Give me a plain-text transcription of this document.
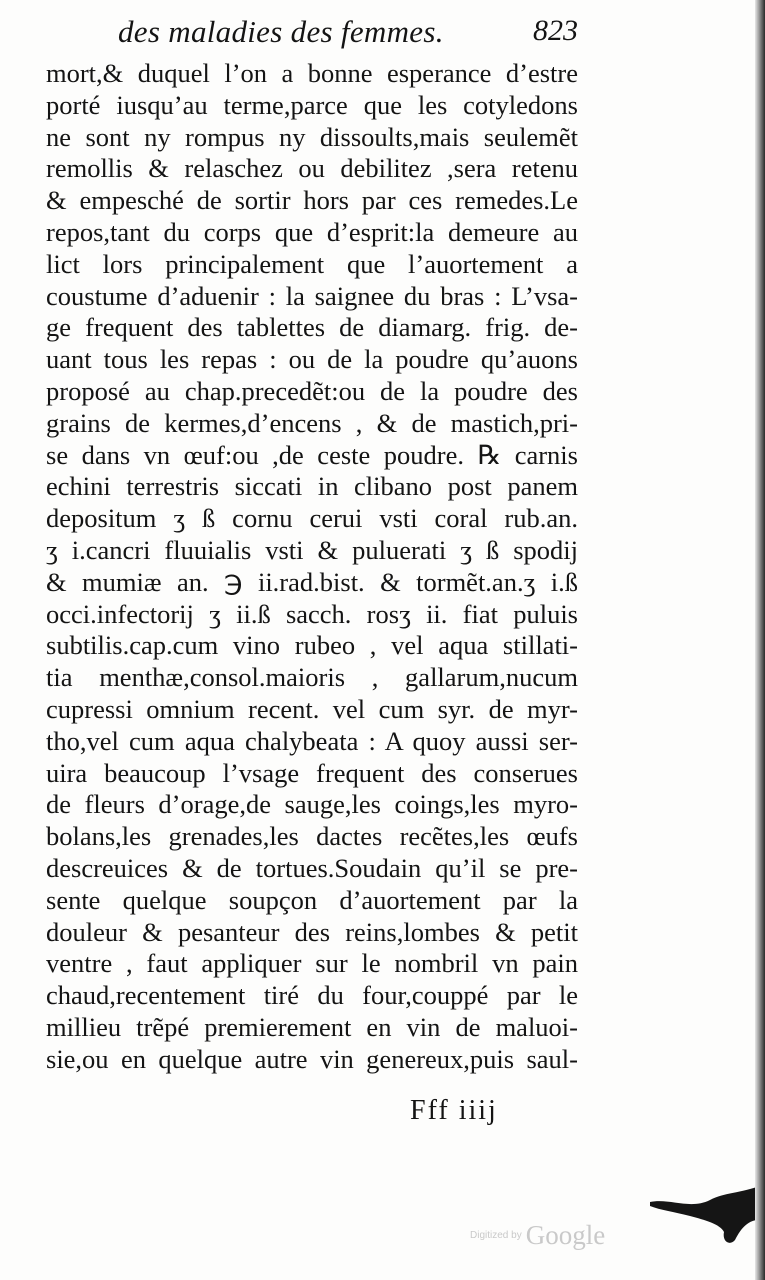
des maladies des femmes.	823
mort,& duquel l’on a bonne esperance d’estre
porté iusqu’au terme,parce que les cotyledons
ne sont ny rompus ny dissoults,mais seulemẽt
remollis & relaschez ou debilitez ,sera retenu
& empesché de sortir hors par ces remedes.Le
repos,tant du corps que d’esprit:la demeure au
lict lors principalement que l’auortement a
coustume d’aduenir : la saignee du bras : L’vsa-
ge frequent des tablettes de diamarg. frig. de-
uant tous les repas : ou de la poudre qu’auons
proposé au chap.precedẽt:ou de la poudre des
grains de kermes,d’encens , & de mastich,pri-
se dans vn œuf:ou ,de ceste poudre. ℞ carnis
echini terrestris siccati in clibano post panem
depositum ʒ ß cornu cerui vsti coral rub.an.
ʒ i.cancri fluuialis vsti & puluerati ʒ ß spodij
& mumiæ an. ℈ ii.rad.bist. & tormẽt.an.ʒ i.ß
occi.infectorij ʒ ii.ß sacch. rosʒ ii. fiat puluis
subtilis.cap.cum vino rubeo , vel aqua stillati-
tia menthæ,consol.maioris , gallarum,nucum
cupressi omnium recent. vel cum syr. de myr-
tho,vel cum aqua chalybeata : A quoy aussi ser-
uira beaucoup l’vsage frequent des conserues
de fleurs d’orage,de sauge,les coings,les myro-
bolans,les grenades,les dactes recẽtes,les œufs
descreuices & de tortues.Soudain qu’il se pre-
sente quelque soupçon d’auortement par la
douleur & pesanteur des reins,lombes & petit
ventre , faut appliquer sur le nombril vn pain
chaud,recentement tiré du four,couppé par le
millieu trẽpé premierement en vin de maluoi-
sie,ou en quelque autre vin genereux,puis saul-
Fff iiij
Digitized by Google
